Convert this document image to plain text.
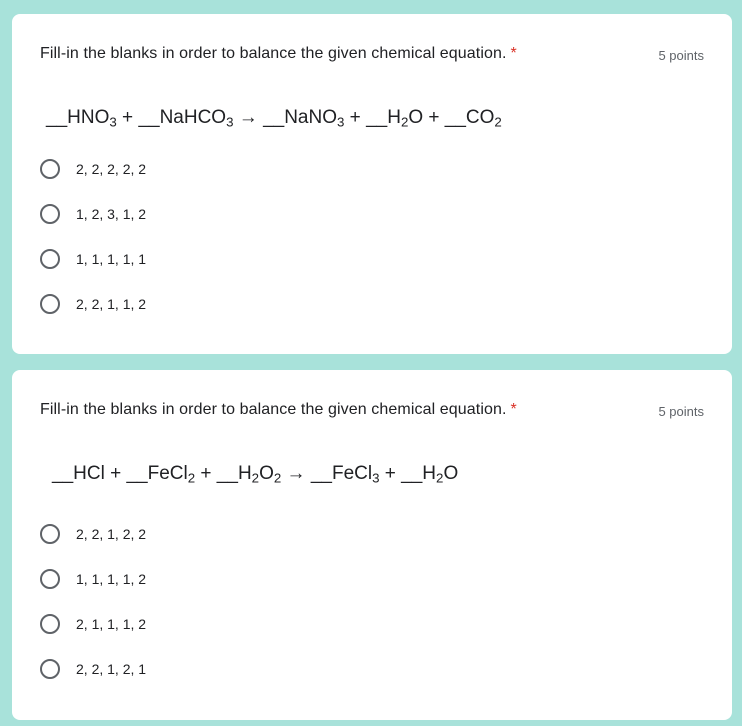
Fill-in the blanks in order to balance the given chemical equation. *	5 points
$\_\_HNO_3$ + __NaHCO$_3$ → __NaNO$_3$ + $\_\_H_2O$ + $\_\_CO_2$
2, 2, 2, 2, 2
1, 2, 3, 1, 2
1, 1, 1, 1, 1
2, 2, 1, 1, 2
Fill-in the blanks in order to balance the given chemical equation. *	5 points
__HCl + __FeCl$_2$ + $\_\_H_2O_2$ → __FeCl$_3$ + $\_\_H_2O$
2, 2, 1, 2, 2
1, 1, 1, 1, 2
2, 1, 1, 1, 2
2, 2, 1, 2, 1
